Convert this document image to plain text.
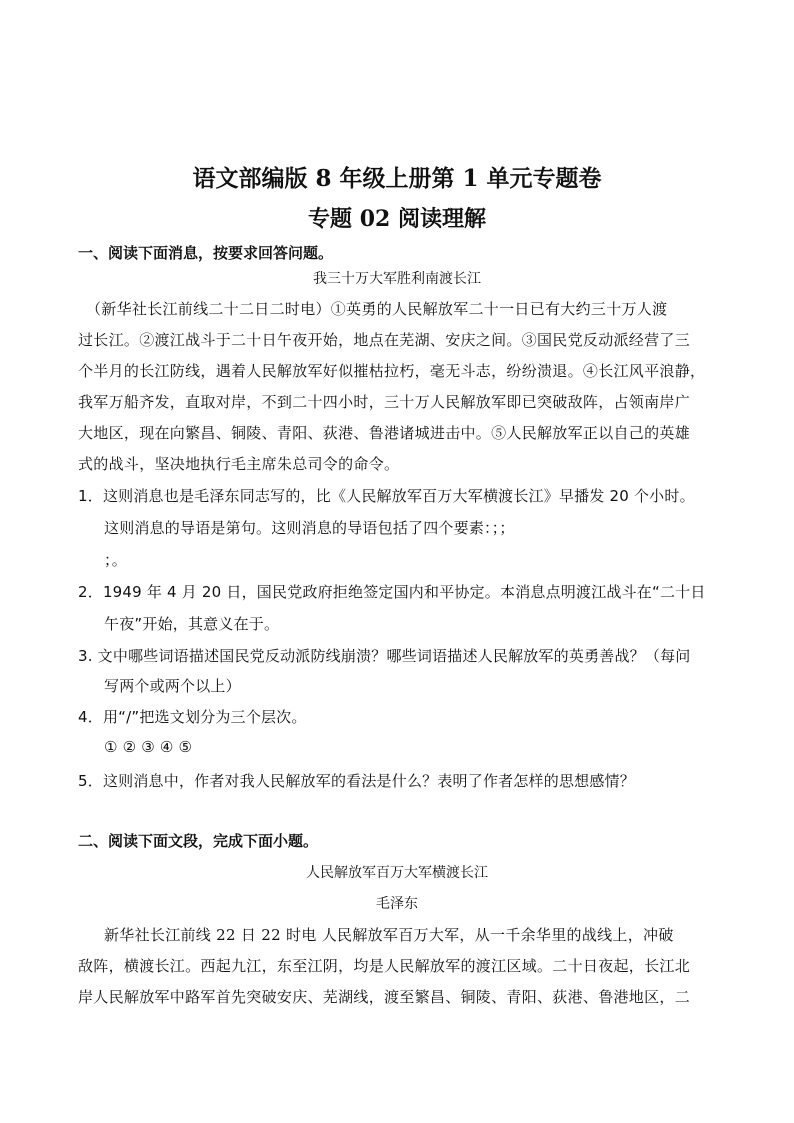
语文部编版 8 年级上册第 1 单元专题卷
专题 02 阅读理解
一、阅读下面消息，按要求回答问题。
我三十万大军胜利南渡长江
（新华社长江前线二十二日二时电）①英勇的人民解放军二十一日已有大约三十万人渡
过长江。②渡江战斗于二十日午夜开始，地点在芜湖、安庆之间。③国民党反动派经营了三
个半月的长江防线，遇着人民解放军好似摧枯拉朽，毫无斗志，纷纷溃退。④长江风平浪静，
我军万船齐发，直取对岸，不到二十四小时，三十万人民解放军即已突破敌阵，占领南岸广
大地区，现在向繁昌、铜陵、青阳、荻港、鲁港诸城进击中。⑤人民解放军正以自己的英雄
式的战斗，坚决地执行毛主席朱总司令的命令。
1．这则消息也是毛泽东同志写的，比《人民解放军百万大军横渡长江》早播发 20 个小时。
这则消息的导语是第句。这则消息的导语包括了四个要素：；；
；。
2．1949 年 4 月 20 日，国民党政府拒绝签定国内和平协定。本消息点明渡江战斗在“二十日
午夜”开始，其意义在于。
3. 文中哪些词语描述国民党反动派防线崩溃？哪些词语描述人民解放军的英勇善战？（每问
写两个或两个以上）
4．用“/”把选文划分为三个层次。
① ② ③ ④ ⑤
5．这则消息中，作者对我人民解放军的看法是什么？表明了作者怎样的思想感情？
二、阅读下面文段，完成下面小题。
人民解放军百万大军横渡长江
毛泽东
新华社长江前线 22 日 22 时电 人民解放军百万大军，从一千余华里的战线上，冲破
敌阵，横渡长江。西起九江，东至江阴，均是人民解放军的渡江区域。二十日夜起，长江北
岸人民解放军中路军首先突破安庆、芜湖线，渡至繁昌、铜陵、青阳、荻港、鲁港地区，二
